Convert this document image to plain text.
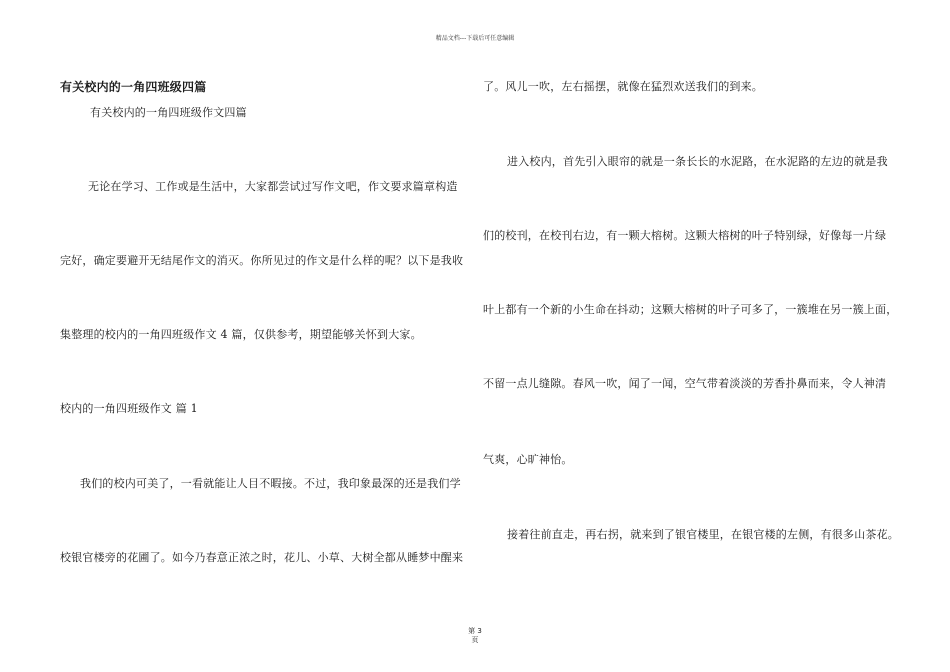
精品文档---下载后可任意编辑
有关校内的一角四班级四篇
有关校内的一角四班级作文四篇
无论在学习、工作或是生活中，大家都尝试过写作文吧，作文要求篇章构造
完好，确定要避开无结尾作文的消灭。你所见过的作文是什么样的呢？以下是我收
集整理的校内的一角四班级作文 4 篇，仅供参考，期望能够关怀到大家。
校内的一角四班级作文 篇 1
我们的校内可美了，一看就能让人目不暇接。不过，我印象最深的还是我们学
校银官楼旁的花圃了。如今乃春意正浓之时，花儿、小草、大树全都从睡梦中醒来
了。风儿一吹，左右摇摆，就像在猛烈欢送我们的到来。
进入校内，首先引入眼帘的就是一条长长的水泥路，在水泥路的左边的就是我
们的校刊，在校刊右边，有一颗大榕树。这颗大榕树的叶子特别绿，好像每一片绿
叶上都有一个新的小生命在抖动；这颗大榕树的叶子可多了，一簇堆在另一簇上面，
不留一点儿缝隙。春风一吹，闻了一闻，空气带着淡淡的芳香扑鼻而来，令人神清
气爽，心旷神怡。
接着往前直走，再右拐，就来到了银官楼里，在银官楼的左侧，有很多山茶花。
第 3
页
